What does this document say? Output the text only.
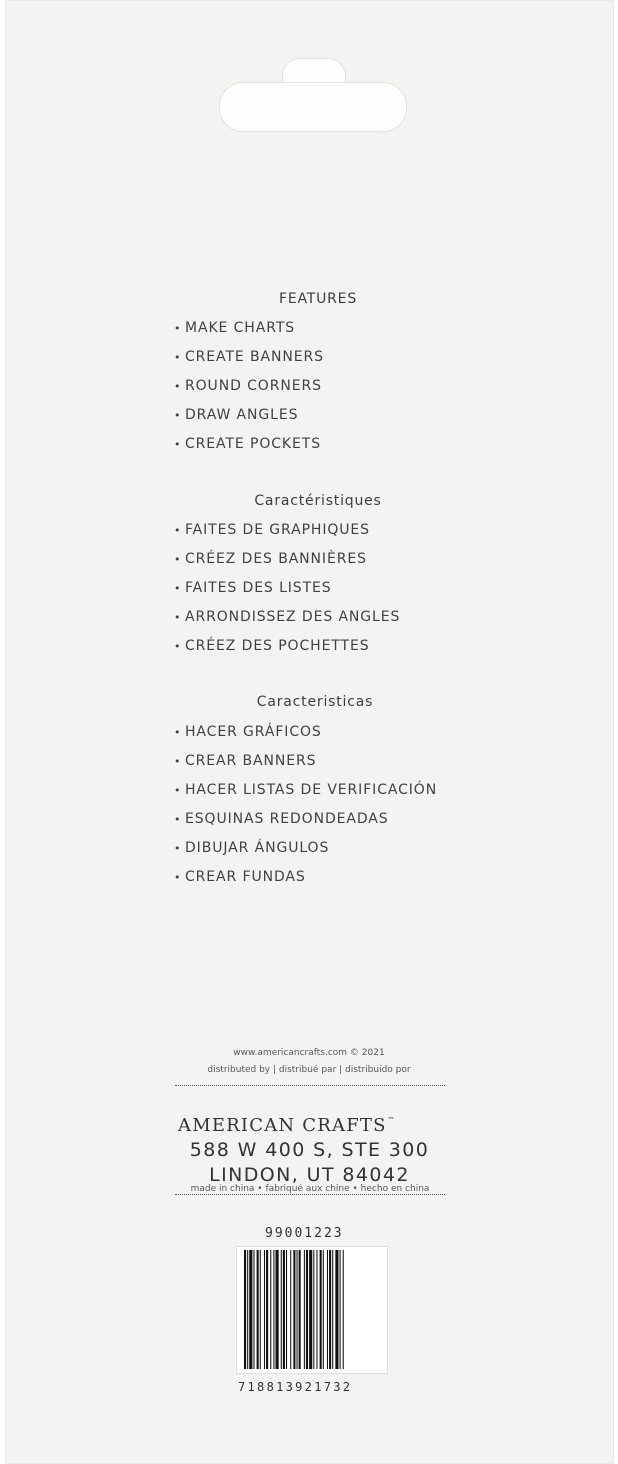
FEATURES
• MAKE CHARTS
• CREATE BANNERS
• ROUND CORNERS
• DRAW ANGLES
• CREATE POCKETS
Caractéristiques
• FAITES DE GRAPHIQUES
• CRÉEZ DES BANNIÈRES
• FAITES DES LISTES
• ARRONDISSEZ DES ANGLES
• CRÉEZ DES POCHETTES
Caracteristicas
• HACER GRÁFICOS
• CREAR BANNERS
• HACER LISTAS DE VERIFICACIÓN
• ESQUINAS REDONDEADAS
• DIBUJAR ÁNGULOS
• CREAR FUNDAS
www.americancrafts.com © 2021
distributed by | distribué par | distribuido por
AMERICAN CRAFTS™
588 W 400 S, STE 300
LINDON, UT 84042
made in china • fabriqué aux chine • hecho en china
99001223
718813921732
